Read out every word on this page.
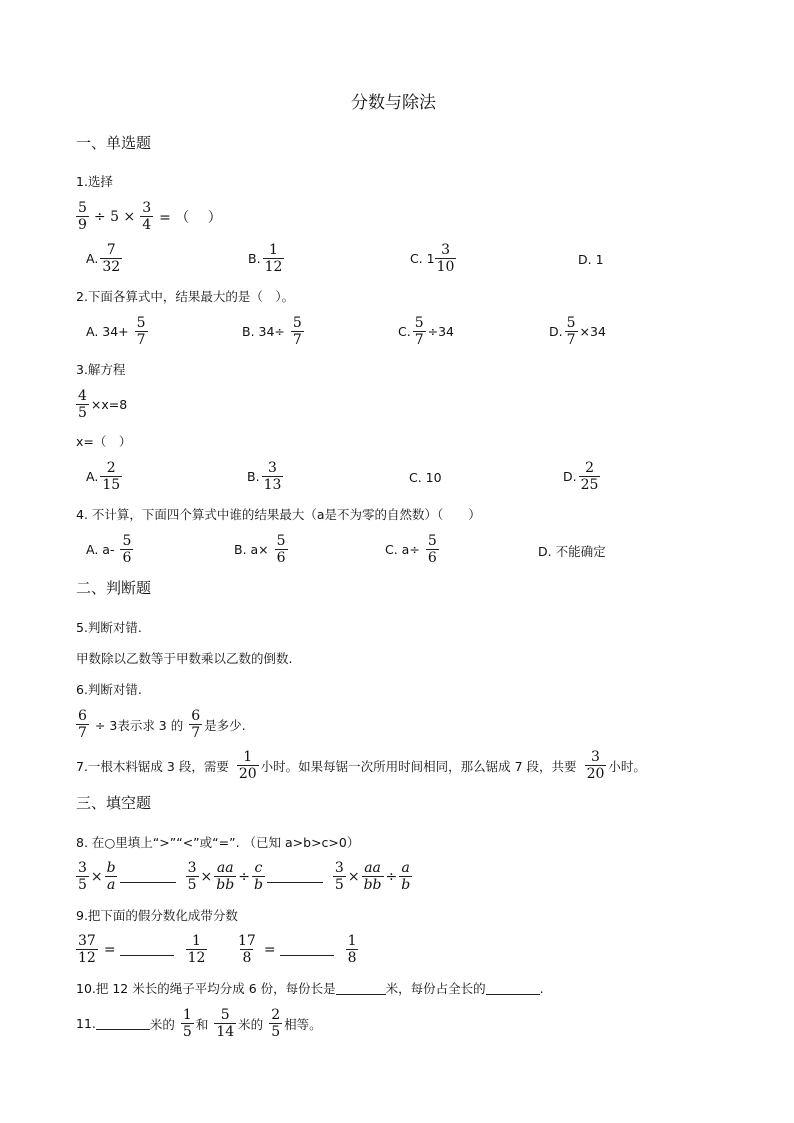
分数与除法
一、单选题
1.选择
$\frac{5}{9} \div 5 \times \frac{3}{4}$ = （　 ）
A. $\frac{7}{32}$	B. $\frac{1}{12}$	C. $1 \frac{3}{10}$	D. 1
2.下面各算式中，结果最大的是（　）。
A. $34+ \frac{5}{7}$	B. $34\div \frac{5}{7}$	C. $\frac{5}{7} \div 34$	D. $\frac{5}{7} \times 34$
3.解方程
$\frac{4}{5} \times x=8$
x=（　）
A. $\frac{2}{15}$	B. $\frac{3}{13}$	C. 10	D. $\frac{2}{25}$
4. 不计算，下面四个算式中谁的结果最大（a是不为零的自然数）（　　）
A. $a- \frac{5}{6}$	B. $a\times \frac{5}{6}$	C. $a\div \frac{5}{6}$	D. 不能确定
二、判断题
5.判断对错.
甲数除以乙数等于甲数乘以乙数的倒数.
6.判断对错.
$\frac{6}{7} \div 3$表示求 3 的 $\frac{6}{7}$ 是多少.
7.一根木料锯成 3 段，需要 $\frac{1}{20}$ 小时。如果每锯一次所用时间相同，那么锯成 7 段，共要 $\frac{3}{20}$ 小时。
三、填空题
8. 在○里填上“>”“<”或“=”. （已知 a>b>c>0）
$\frac{3}{5} \times \frac{b}{a}$	$\frac{3}{5} \times \frac{aa}{bb} \div \frac{c}{b}$	$\frac{3}{5} \times \frac{aa}{bb} \div \frac{a}{b}$
9.把下面的假分数化成带分数
$\frac{37}{12}$ =	$\frac{1}{12} \frac{17}{8}$ =	$\frac{1}{8}$
10.把 12 米长的绳子平均分成 6 份，每份长是	米，每份占全长的	.
11.	米的 $\frac{1}{5}$ 和 $\frac{5}{14}$ 米的 $\frac{2}{5}$ 相等。
